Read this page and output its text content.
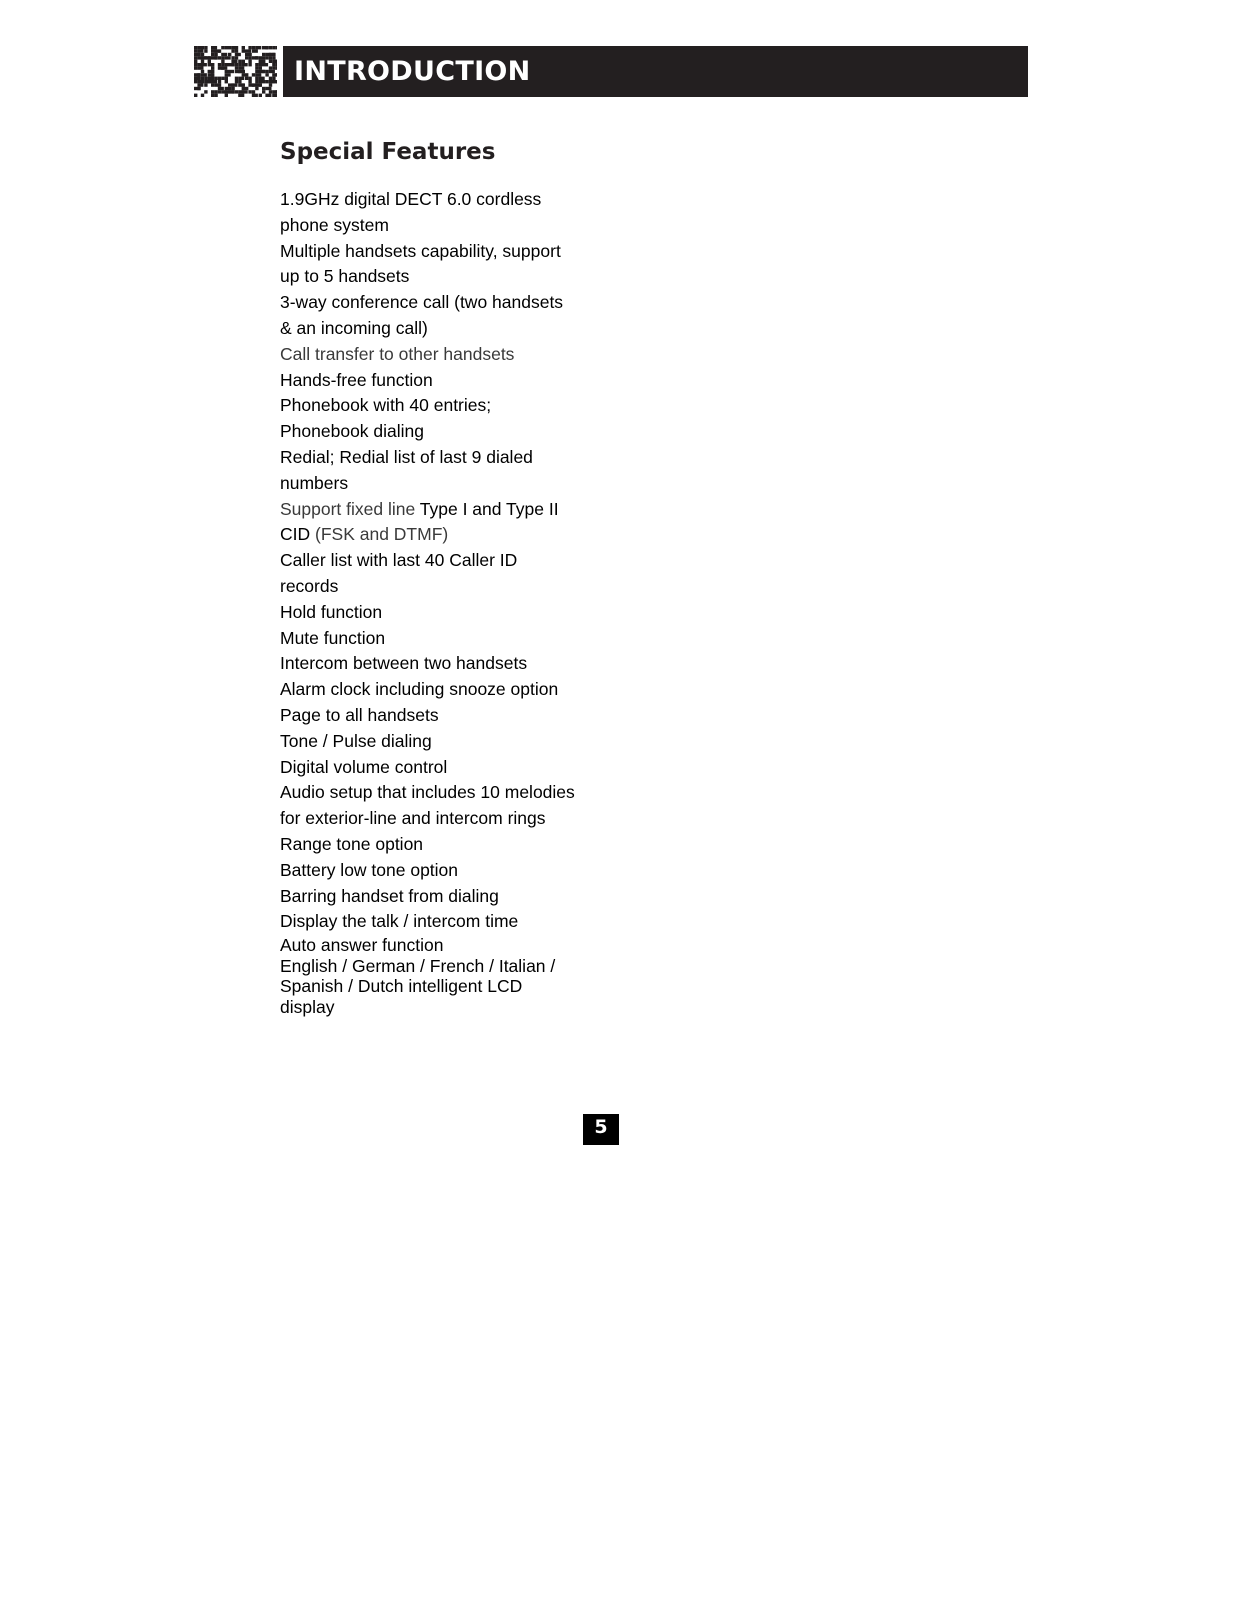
INTRODUCTION
Special Features
1.9GHz digital DECT 6.0 cordless
phone system
Multiple handsets capability, support
up to 5 handsets
3-way conference call (two handsets
& an incoming call)
Call transfer to other handsets
Hands-free function
Phonebook with 40 entries;
Phonebook dialing
Redial; Redial list of last 9 dialed
numbers
Support fixed line Type I and Type II
CID (FSK and DTMF)
Caller list with last 40 Caller ID
records
Hold function
Mute function
Intercom between two handsets
Alarm clock including snooze option
Page to all handsets
Tone / Pulse dialing
Digital volume control
Audio setup that includes 10 melodies
for exterior-line and intercom rings
Range tone option
Battery low tone option
Barring handset from dialing
Display the talk / intercom time
Auto answer function
English / German / French / Italian /
Spanish / Dutch intelligent LCD
display
5
